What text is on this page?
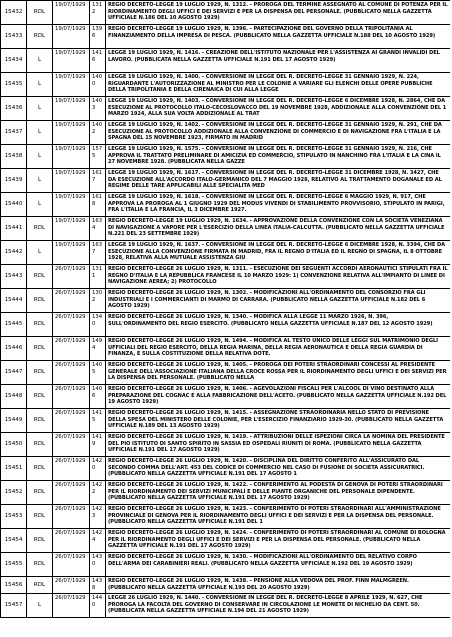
15432	RDL	19/07/1929	1312	REGIO DECRETO-LEGGE 19 LUGLIO 1929, N. 1312. - PROROGA DEL TERMINE ASSEGNATO AL COMUNE DI POTENZA PER IL RIORDINAMENTO DEGLI UFFICI E DEI SERVIZI E PER LA DISPENSA DEL PERSONALE. (PUBBLICATO NELLA GAZZETTA UFFICIALE N.186 DEL 10 AGOSTO 1929)
15433	RDL	19/07/1929	1396	REGIO DECRETO-LEGGE 19 LUGLIO 1929, N. 1396. - PARTECIPAZIONE DEL GOVERNO DELLA TRIPOLITANIA AL FINANZIAMENTO DELLA IMPRESA DI PESCA. (PUBBLICATO NELLA GAZZETTA UFFICIALE N.188 DEL 10 AGOSTO 1929)
15434	L	19/07/1929	1416	LEGGE 19 LUGLIO 1929, N. 1416. - CREAZIONE DELL'ISTITUTO NAZIONALE PER L'ASSISTENZA AI GRANDI INVALIDI DEL LAVORO. (PUBBLICATA NELLA GAZZETTA UFFICIALE N.191 DEL 17 AGOSTO 1929)
15435	L	19/07/1929	1400	LEGGE 19 LUGLIO 1929, N. 1400. - CONVERSIONE IN LEGGE DEL R. DECRETO-LEGGE 31 GENNAIO 1929, N. 224, RIGUARDANTE L'AUTORIZZAZIONE AL MINISTRO PER LE COLONIE A VARIARE GLI ELENCHI DELLE OPERE PUBBLICHE DELLA TRIPOLITANIA E DELLA CIRENAICA DI CUI ALLA LEGGE
15436	L	19/07/1929	1403	LEGGE 19 LUGLIO 1929, N. 1403. - CONVERSIONE IN LEGGE DEL R. DECRETO-LEGGE 6 DICEMBRE 1928, N. 2864, CHE DA ESECUZIONE AL PROTOCOLLO ITALO-CECOSLOVACCO DEL 19 NOVEMBRE 1928, ADDIZIONALE ALLA CONVENZIONE DEL 1 MARZO 1924, ALLA SUA VOLTA ADDIZIONALE AL TRAT
15437	L	19/07/1929	1402	LEGGE 19 LUGLIO 1929, N. 1402. - CONVERSIONE IN LEGGE DEL R. DECRETO-LEGGE 31 GENNAIO 1929, N. 291, CHE DA ESECUZIONE AL PROTOCOLLO ADDIZIONALE ALLA CONVENZIONE DI COMMERCIO E DI NAVIGAZIONE FRA L'ITALIA E LA SPAGNA DEL 15 NOVEMBRE 1923, FIRMATO IN MADRID
15438	L	19/07/1929	1575	LEGGE 19 LUGLIO 1929, N. 1575. - CONVERSIONE IN LEGGE DEL R. DECRETO-LEGGE 31 GENNAIO 1929, N. 216, CHE APPROVA IL TRATTATO PRELIMINARE DI AMICIZIA ED COMMERCIO, STIPULATO IN NANCHINO FRA L'ITALIA E LA CINA IL 27 NOVEMBRE 1928. (PUBBLICATA NELLA GAZZE
15439	L	19/07/1929	1617	LEGGE 19 LUGLIO 1929, N. 1617. - CONVERSIONE IN LEGGE DEL R. DECRETO-LEGGE 31 DICEMBRE 1928, N. 3427, CHE DA ESECUZIONE ALL'ACCORDO ITALO-GERMANICO DEL 7 MAGGIO 1928, RELATIVO AL TRATTAMENTO DOGANALE ED AL REGIME DELLE TARE APPLICABILI ALLE SPECIALITA MED
15440	L	19/07/1929	1618	LEGGE 19 LUGLIO 1929, N. 1618. - CONVERSIONE IN LEGGE DEL R. DECRETO-LEGGE 6 MAGGIO 1929, N. 917, CHE APPROVA LA PROROGA AL 1 GIUGNO 1929 DEL MODUS VIVENDI DI STABILIMENTO PROVVISORIO, STIPULATO IN PARIGI, FRA L'ITALIA E LA FRANCIA, IL 3 DICEMBRE 1927.
15441	RDL	19/07/1929	1634	REGIO DECRETO-LEGGE 19 LUGLIO 1929, N. 1634. - APPROVAZIONE DELLA CONVENZIONE CON LA SOCIETA VENEZIANA DI NAVIGAZIONE A VAPORE PER L'ESERCIZIO DELLA LINEA ITALIA-CALCUTTA. (PUBBLICATO NELLA GAZZETTA UFFICIALE N.221 DEL 23 SETTEMBRE 1929)
15442	L	19/07/1929	1637	LEGGE 19 LUGLIO 1929, N. 1637. - CONVERSIONE IN LEGGE DEL R. DECRETO-LEGGE 6 DICEMBRE 1928, N. 3394, CHE DA ESECUZIONE ALLA CONVENZIONE FIRMATA IN MADRID, FRA IL REGNO D'ITALIA ED IL REGNO DI SPAGNA, IL 8 OTTOBRE 1928, RELATIVA ALLA MUTUALE ASSISTENZA GIU
15443	RDL	26/07/1929	1311	REGIO DECRETO-LEGGE 26 LUGLIO 1929, N. 1311. - ESECUZIONE DEI SEGUENTI ACCORDI AERONAUTICI STIPULATI FRA IL REGNO D'ITALIA E LA REPUBBLICA FRANCESE IL 10 MARZO 1929: 1) CONVENZIONE RELATIVA ALL'IMPIANTO DI LINEE DI NAVIGAZIONE AEREA; 2) PROTOCOLLO
15444	RDL	26/07/1929	1302	REGIO DECRETO-LEGGE 26 LUGLIO 1929, N. 1302. - MODIFICAZIONI ALL'ORDINAMENTO DEL CONSORZIO FRA GLI INDUSTRIALI E I COMMERCIANTI DI MARMO DI CARRARA. (PUBBLICATO NELLA GAZZETTA UFFICIALE N.182 DEL 6 AGOSTO 1929)
15445	RDL	26/07/1929	1340	REGIO DECRETO-LEGGE 26 LUGLIO 1929, N. 1340. - MODIFICA ALLA LEGGE 11 MARZO 1926, N. 396, SULL'ORDINAMENTO DEL REGIO ESERCITO. (PUBBLICATO NELLA GAZZETTA UFFICIALE N.187 DEL 12 AGOSTO 1929)
15446	RDL	26/07/1929	1494	REGIO DECRETO-LEGGE 26 LUGLIO 1929, N. 1494. - MODIFICA AL TESTO UNICO DELLE LEGGI SUL MATRIMONIO DEGLI UFFICIALI DEL REGIO ESERCITO, DELLA REGIA MARINA, DELLA REGIA AERONAUTICA E DELLA REGIA GUARDIA DI FINANZA, E SULLA COSTITUZIONE DELLA RELATIVA DOTE.
15447	RDL	26/07/1929	1405	REGIO DECRETO-LEGGE 26 LUGLIO 1929, N. 1405. - PROROGA DEI POTERI STRAORDINARI CONCESSI AL PRESIDENTE GENERALE DELL'ASSOCIAZIONE ITALIANA DELLA CROCE ROSSA PER IL RIORDINAMENTO DEGLI UFFICI E DEI SERVIZI PER LA DISPENSA DEL PERSONALE. (PUBBLICATO NELLA
15448	RDL	26/07/1929	1406	REGIO DECRETO-LEGGE 26 LUGLIO 1929, N. 1406. - AGEVOLAZIONI FISCALI PER L'ALCOOL DI VINO DESTINATO ALLA PREPARAZIONE DEL COGNAC E ALLA FABBRICAZIONE DELL'ACETO. (PUBBLICATO NELLA GAZZETTA UFFICIALE N.192 DEL 19 AGOSTO 1929)
15449	RDL	26/07/1929	1415	REGIO DECRETO-LEGGE 26 LUGLIO 1929, N. 1415. - ASSEGNAZIONE STRAORDINARIA NELLO STATO DI PREVISIONE DELLA SPESA DEL MINISTERO DELLE COLONIE, PER L'ESERCIZIO FINANZIARIO 1929-30. (PUBBLICATO NELLA GAZZETTA UFFICIALE N.189 DEL 13 AGOSTO 1929)
15450	RDL	26/07/1929	1419	REGIO DECRETO-LEGGE 26 LUGLIO 1929, N. 1419. - ATTRIBUZIONI DELLE ISPEZIONI CIRCA LA NOMINA DEL PRESIDENTE DEL PIO ISTITUTO DI SANTO SPIRITO IN SASSIA ED OSPEDALI RIUNITI DI ROMA. (PUBBLICATO NELLA GAZZETTA UFFICIALE N.191 DEL 17 AGOSTO 1929)
15451	RDL	26/07/1929	1420	REGIO DECRETO-LEGGE 26 LUGLIO 1929, N. 1420. - DISCIPLINA DEL DIRITTO CONFERITO ALL'ASSICURATO DAL SECONDO COMMA DELL'ART. 453 DEL CODICE DI COMMERCIO NEL CASO DI FUSIONE DI SOCIETA ASSICURATRICI. (PUBBLICATO NELLA GAZZETTA UFFICIALE N.191 DEL 17 AGOSTO 1
15452	RDL	26/07/1929	1422	REGIO DECRETO-LEGGE 26 LUGLIO 1929, N. 1422. - CONFERIMENTO AL PODESTA DI GENOVA DI POTERI STRAORDINARI PER IL RIORDINAMENTO DEI SERVIZI MUNICIPALI E DELLE PIANTE ORGANICHE DEL PERSONALE DIPENDENTE. (PUBBLICATO NELLA GAZZETTA UFFICIALE N.191 DEL 17 AGOSTO 1929)
15453	RDL	26/07/1929	1423	REGIO DECRETO-LEGGE 26 LUGLIO 1929, N. 1423. - CONFERIMENTO DI POTERI STRAORDINARI ALL'AMMINISTRAZIONE PROVINCIALE DI GENOVA PER IL RIORDINAMENTO DEGLI UFFICI E DEI SERVIZI E PER LA DISPENSA DEL PERSONALE. (PUBBLICATO NELLA GAZZETTA UFFICIALE N.191 DEL 1
15454	RDL	26/07/1929	1424	REGIO DECRETO-LEGGE 26 LUGLIO 1929, N. 1424. - CONFERIMENTO DI POTERI STRAORDINARI AL COMUNE DI BOLOGNA PER IL RIORDINAMENTO DEGLI UFFICI E DEI SERVIZI E PER LA DISPENSA DEL PERSONALE. (PUBBLICATO NELLA GAZZETTA UFFICIALE N.191 DEL 17 AGOSTO 1929)
15455	RDL	26/07/1929	1430	REGIO DECRETO-LEGGE 26 LUGLIO 1929, N. 1430. - MODIFICAZIONI ALL'ORDINAMENTO DEL RELATIVO CORPO DELL'ARMA DEI CARABINIERI REALI. (PUBBLICATO NELLA GAZZETTA UFFICIALE N.192 DEL 19 AGOSTO 1929)
15456	RDL	26/07/1929	1438	REGIO DECRETO-LEGGE 26 LUGLIO 1929, N. 1438. - PENSIONE ALLA VEDOVA DEL PROF. FINN MALMGREEN. (PUBBLICATO NELLA GAZZETTA UFFICIALE N.193 DEL 20 AGOSTO 1929)
15457	L	26/07/1929	1440	LEGGE 26 LUGLIO 1929, N. 1440. - CONVERSIONE IN LEGGE DEL R. DECRETO-LEGGE 8 APRILE 1929, N. 627, CHE PROROGA LA FACOLTA DEL GOVERNO DI CONSERVARE IN CIRCOLAZIONE LE MONETE DI NICHELIO DA CENT. 50. (PUBBLICATA NELLA GAZZETTA UFFICIALE N.194 DEL 21 AGOSTO 1929)
